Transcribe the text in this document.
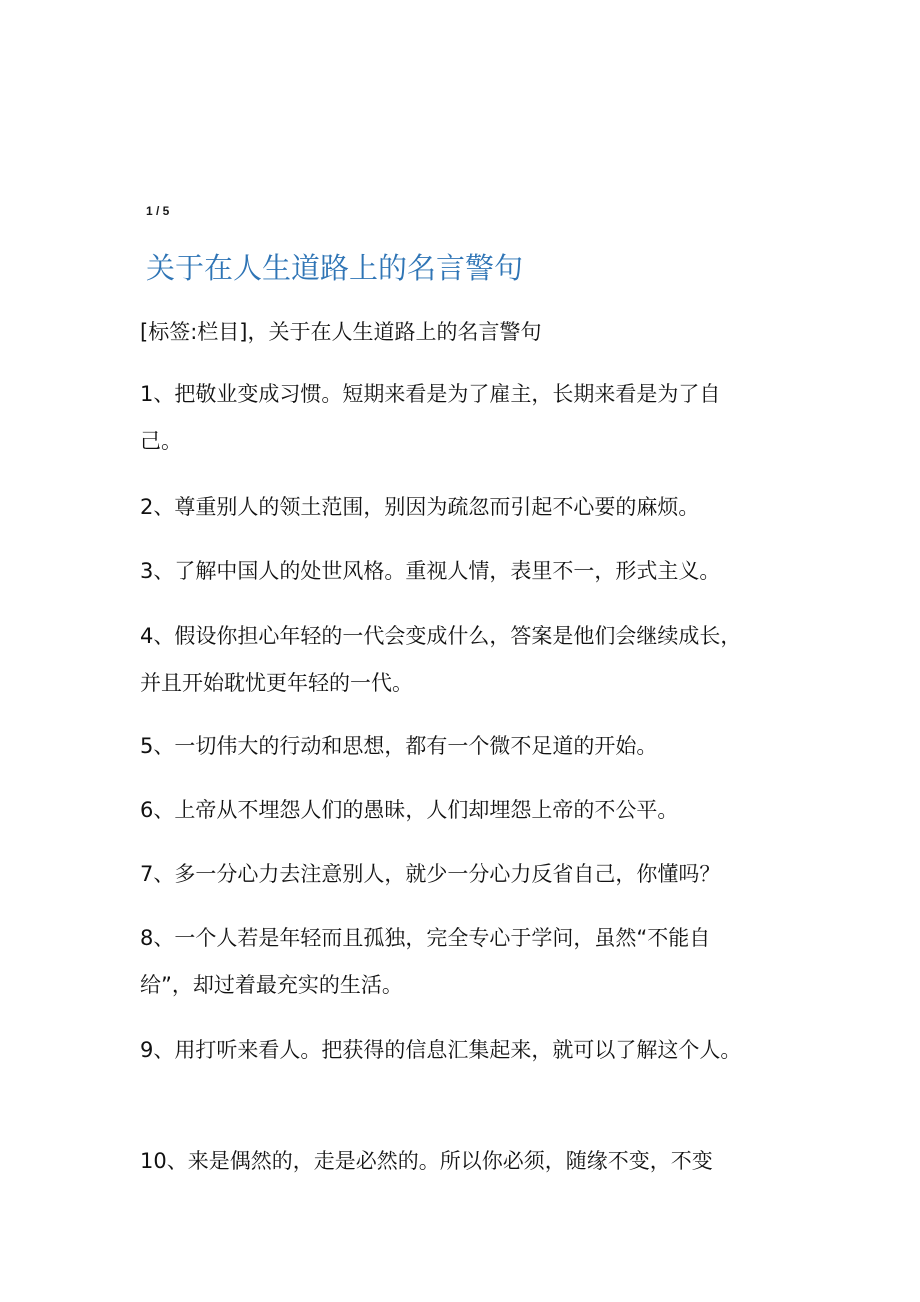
1 / 5
关于在人生道路上的名言警句
[标签:栏目]，关于在人生道路上的名言警句
1、把敬业变成习惯。短期来看是为了雇主，长期来看是为了自
己。
2、尊重别人的领土范围，别因为疏忽而引起不心要的麻烦。
3、了解中国人的处世风格。重视人情，表里不一，形式主义。
4、假设你担心年轻的一代会变成什么，答案是他们会继续成长，
并且开始耽忧更年轻的一代。
5、一切伟大的行动和思想，都有一个微不足道的开始。
6、上帝从不埋怨人们的愚昧，人们却埋怨上帝的不公平。
7、多一分心力去注意别人，就少一分心力反省自己，你懂吗？
8、一个人若是年轻而且孤独，完全专心于学问，虽然“不能自
给”，却过着最充实的生活。
9、用打听来看人。把获得的信息汇集起来，就可以了解这个人。
10、来是偶然的，走是必然的。所以你必须，随缘不变，不变
